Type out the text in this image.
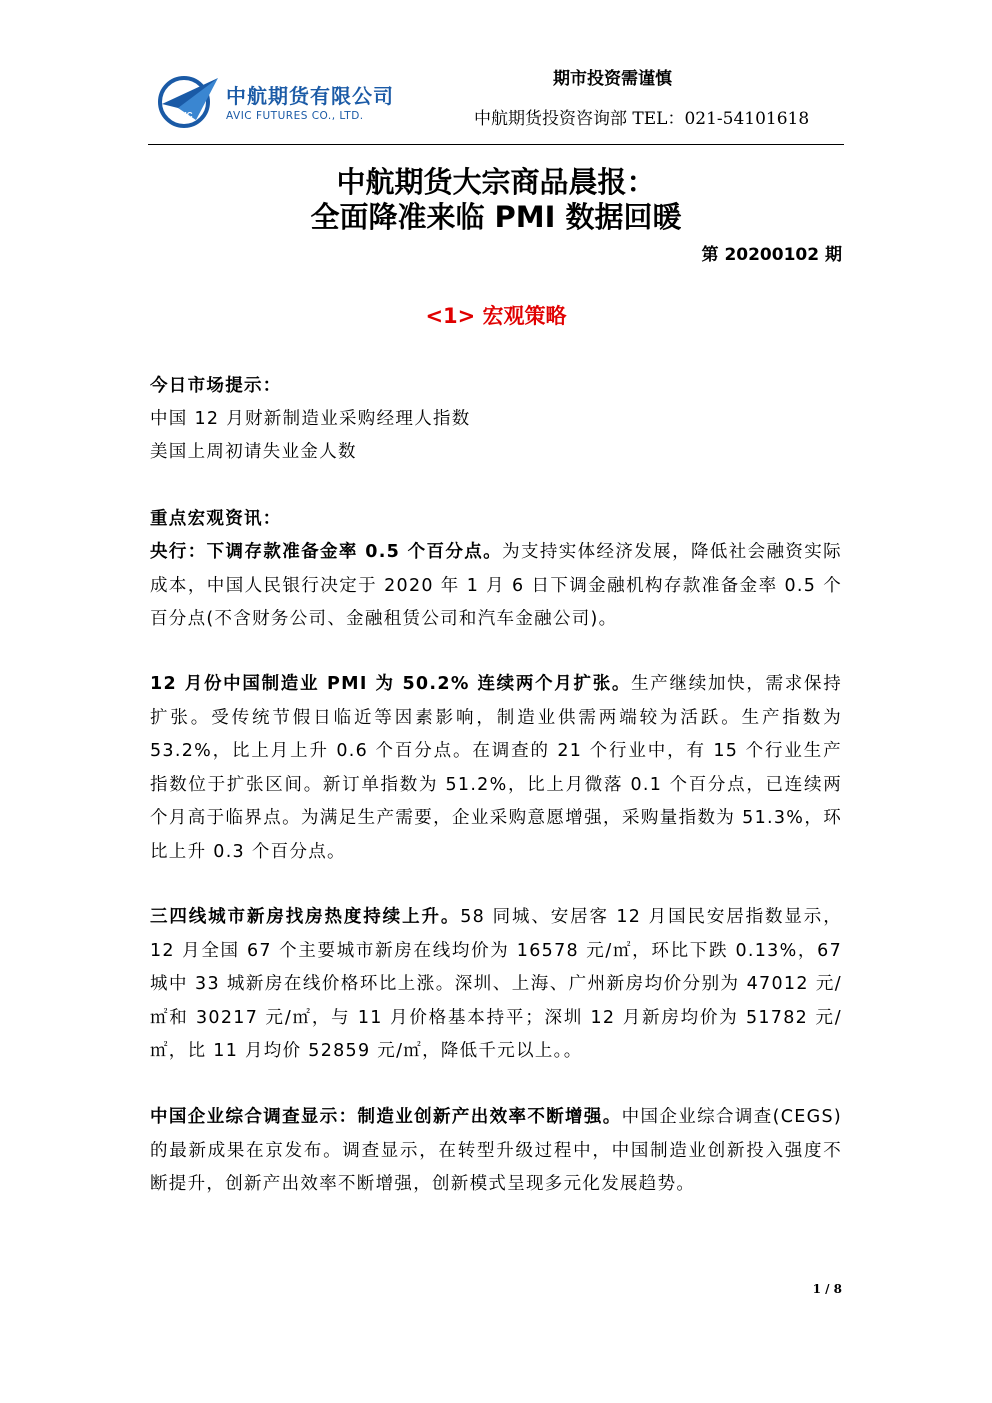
AVIC
中航期货有限公司
AVIC FUTURES CO., LTD.
期市投资需谨慎
中航期货投资咨询部 TEL：021-54101618
中航期货大宗商品晨报：
全面降准来临 PMI 数据回暖
第 20200102 期
<1> 宏观策略
今日市场提示：
中国 12 月财新制造业采购经理人指数
美国上周初请失业金人数
重点宏观资讯：
央行：下调存款准备金率 0.5 个百分点。为支持实体经济发展，降低社会融资实际成本，中国人民银行决定于 2020 年 1 月 6 日下调金融机构存款准备金率 0.5 个百分点(不含财务公司、金融租赁公司和汽车金融公司)。
12 月份中国制造业 PMI 为 50.2% 连续两个月扩张。生产继续加快，需求保持扩张。受传统节假日临近等因素影响，制造业供需两端较为活跃。生产指数为 53.2%，比上月上升 0.6 个百分点。在调查的 21 个行业中，有 15 个行业生产指数位于扩张区间。新订单指数为 51.2%，比上月微落 0.1 个百分点，已连续两个月高于临界点。为满足生产需要，企业采购意愿增强，采购量指数为 51.3%，环比上升 0.3 个百分点。
三四线城市新房找房热度持续上升。58 同城、安居客 12 月国民安居指数显示，12 月全国 67 个主要城市新房在线均价为 16578 元/㎡，环比下跌 0.13%，67 城中 33 城新房在线价格环比上涨。深圳、上海、广州新房均价分别为 47012 元/㎡和 30217 元/㎡，与 11 月价格基本持平；深圳 12 月新房均价为 51782 元/㎡，比 11 月均价 52859 元/㎡，降低千元以上。。
中国企业综合调查显示：制造业创新产出效率不断增强。中国企业综合调查(CEGS)的最新成果在京发布。调查显示，在转型升级过程中，中国制造业创新投入强度不断提升，创新产出效率不断增强，创新模式呈现多元化发展趋势。
1 / 8
